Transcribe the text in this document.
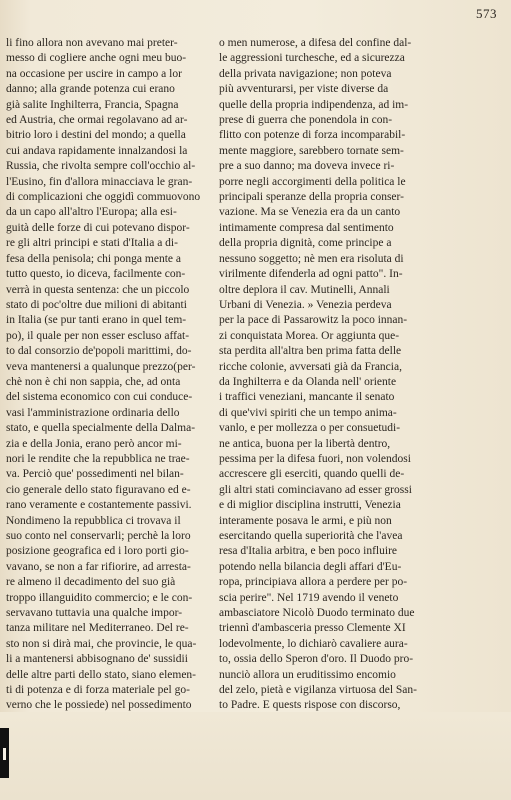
573
li fino allora non avevano mai preter-
messo di cogliere anche ogni meu buo-
na occasione per uscire in campo a lor
danno; alla grande potenza cui erano
già salite Inghilterra, Francia, Spagna
ed Austria, che ormai regolavano ad ar-
bitrio loro i destini del mondo; a quella
cui andava rapidamente innalzandosi la
Russia, che rivolta sempre coll'occhio al-
l'Eusino, fin d'allora minacciava le gran-
di complicazioni che oggidì commuovono
da un capo all'altro l'Europa; alla esi-
guità delle forze di cui potevano dispor-
re gli altri principi e stati d'Italia a di-
fesa della penisola; chi ponga mente a
tutto questo, io diceva, facilmente con-
verrà in questa sentenza: che un piccolo
stato di poc'oltre due milioni di abitanti
in Italia (se pur tanti erano in quel tem-
po), il quale per non esser escluso affat-
to dal consorzio de'popoli marittimi, do-
veva mantenersi a qualunque prezzo(per-
chè non è chi non sappia, che, ad onta
del sistema economico con cui conduce-
vasi l'amministrazione ordinaria dello
stato, e quella specialmente della Dalma-
zia e della Jonia, erano però ancor mi-
nori le rendite che la repubblica ne trae-
va. Perciò que' possedimenti nel bilan-
cio generale dello stato figuravano ed e-
rano veramente e costantemente passivi.
Nondimeno la repubblica ci trovava il
suo conto nel conservarli; perchè la loro
posizione geografica ed i loro porti gio-
vavano, se non a far rifiorire, ad arresta-
re almeno il decadimento del suo già
troppo illanguidito commercio; e le con-
servavano tuttavia una qualche impor-
tanza militare nel Mediterraneo. Del re-
sto non si dirà mai, che provincie, le qua-
li a mantenersi abbisognano de' sussidii
delle altre parti dello stato, siano elemen-
ti di potenza e di forza materiale pel go-
verno che le possiede) nel possedimento
o men numerose, a difesa del confine dal-
le aggressioni turchesche, ed a sicurezza
della privata navigazione; non poteva
più avventurarsi, per viste diverse da
quelle della propria indipendenza, ad im-
prese di guerra che ponendola in con-
flitto con potenze di forza incomparabil-
mente maggiore, sarebbero tornate sem-
pre a suo danno; ma doveva invece ri-
porre negli accorgimenti della politica le
principali speranze della propria conser-
vazione. Ma se Venezia era da un canto
intimamente compresa dal sentimento
della propria dignità, come principe a
nessuno soggetto; nè men era risoluta di
virilmente difenderla ad ogni patto". In-
oltre deplora il cav. Mutinelli, Annali
Urbani di Venezia. » Venezia perdeva
per la pace di Passarowitz la poco innan-
zi conquistata Morea. Or aggiunta que-
sta perdita all'altra ben prima fatta delle
ricche colonie, avversati già da Francia,
da Inghilterra e da Olanda nell' oriente
i traffici veneziani, mancante il senato
di que'vivi spiriti che un tempo anima-
vanlo, e per mollezza o per consuetudi-
ne antica, buona per la libertà dentro,
pessima per la difesa fuori, non volendosi
accrescere gli eserciti, quando quelli de-
gli altri stati cominciavano ad esser grossi
e di miglior disciplina instrutti, Venezia
interamente posava le armi, e più non
esercitando quella superiorità che l'avea
resa d'Italia arbitra, e ben poco influire
potendo nella bilancia degli affari d'Eu-
ropa, principiava allora a perdere per po-
scia perire". Nel 1719 avendo il veneto
ambasciatore Nicolò Duodo terminato due
triennì d'ambasceria presso Clemente XI
lodevolmente, lo dichiarò cavaliere aura-
to, ossia dello Speron d'oro. Il Duodo pro-
nunciò allora un eruditissimo encomio
del zelo, pietà e vigilanza virtuosa del San-
to Padre. E quests rispose con discorso,
